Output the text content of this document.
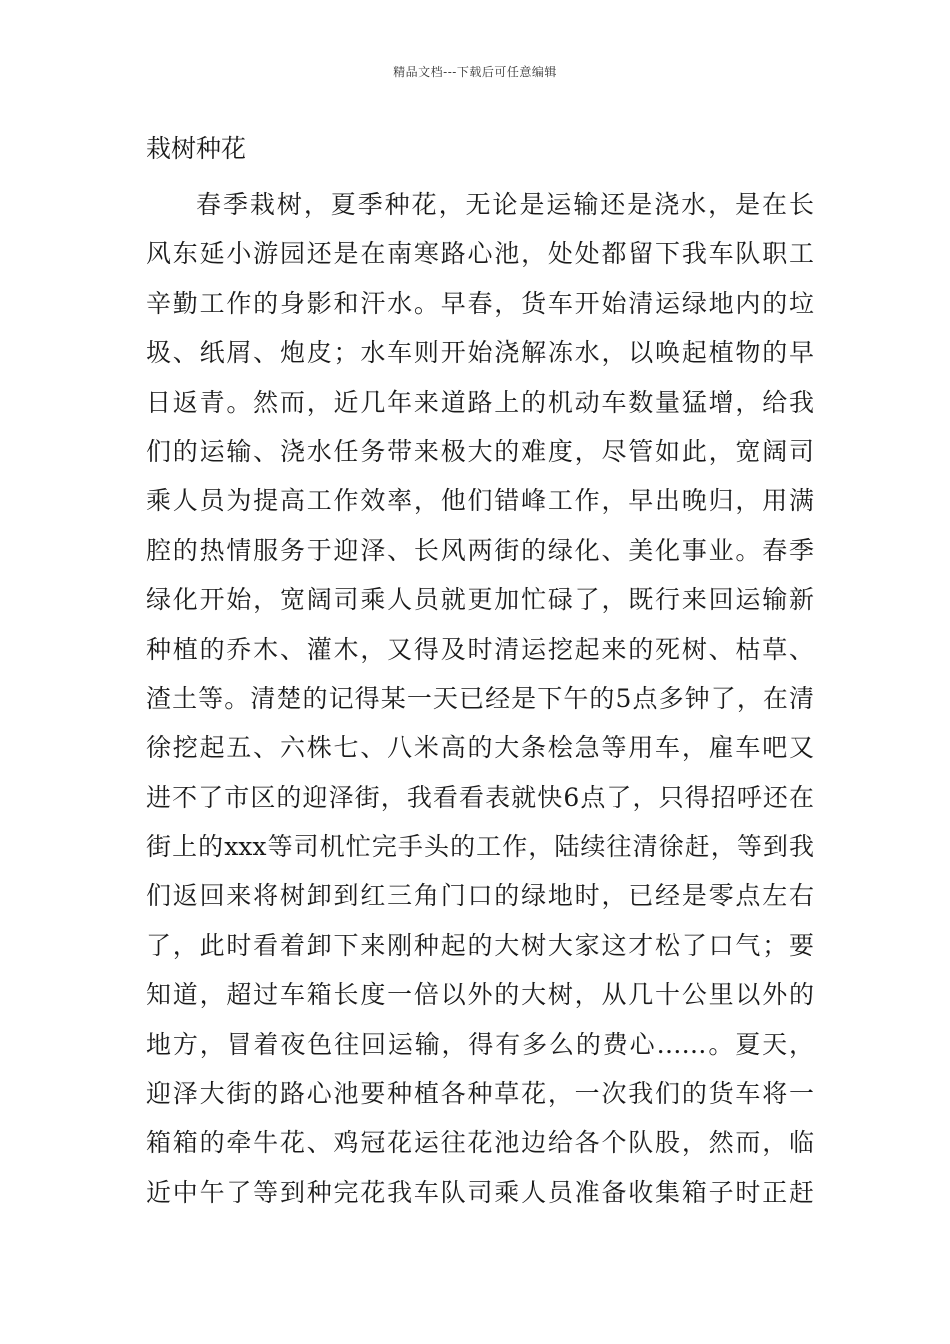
精品文档---下载后可任意编辑
栽树种花
春季栽树，夏季种花，无论是运输还是浇水，是在长
风东延小游园还是在南寒路心池，处处都留下我车队职工
辛勤工作的身影和汗水。早春，货车开始清运绿地内的垃
圾、纸屑、炮皮；水车则开始浇解冻水，以唤起植物的早
日返青。然而，近几年来道路上的机动车数量猛增，给我
们的运输、浇水任务带来极大的难度，尽管如此，宽阔司
乘人员为提高工作效率，他们错峰工作，早出晚归，用满
腔的热情服务于迎泽、长风两街的绿化、美化事业。春季
绿化开始，宽阔司乘人员就更加忙碌了，既行来回运输新
种植的乔木、灌木，又得及时清运挖起来的死树、枯草、
渣土等。清楚的记得某一天已经是下午的5点多钟了，在清
徐挖起五、六株七、八米高的大条桧急等用车，雇车吧又
进不了市区的迎泽街，我看看表就快6点了，只得招呼还在
街上的xxx等司机忙完手头的工作，陆续往清徐赶，等到我
们返回来将树卸到红三角门口的绿地时，已经是零点左右
了，此时看着卸下来刚种起的大树大家这才松了口气；要
知道，超过车箱长度一倍以外的大树，从几十公里以外的
地方，冒着夜色往回运输，得有多么的费心……。夏天，
迎泽大街的路心池要种植各种草花，一次我们的货车将一
箱箱的牵牛花、鸡冠花运往花池边给各个队股，然而，临
近中午了等到种完花我车队司乘人员准备收集箱子时正赶
